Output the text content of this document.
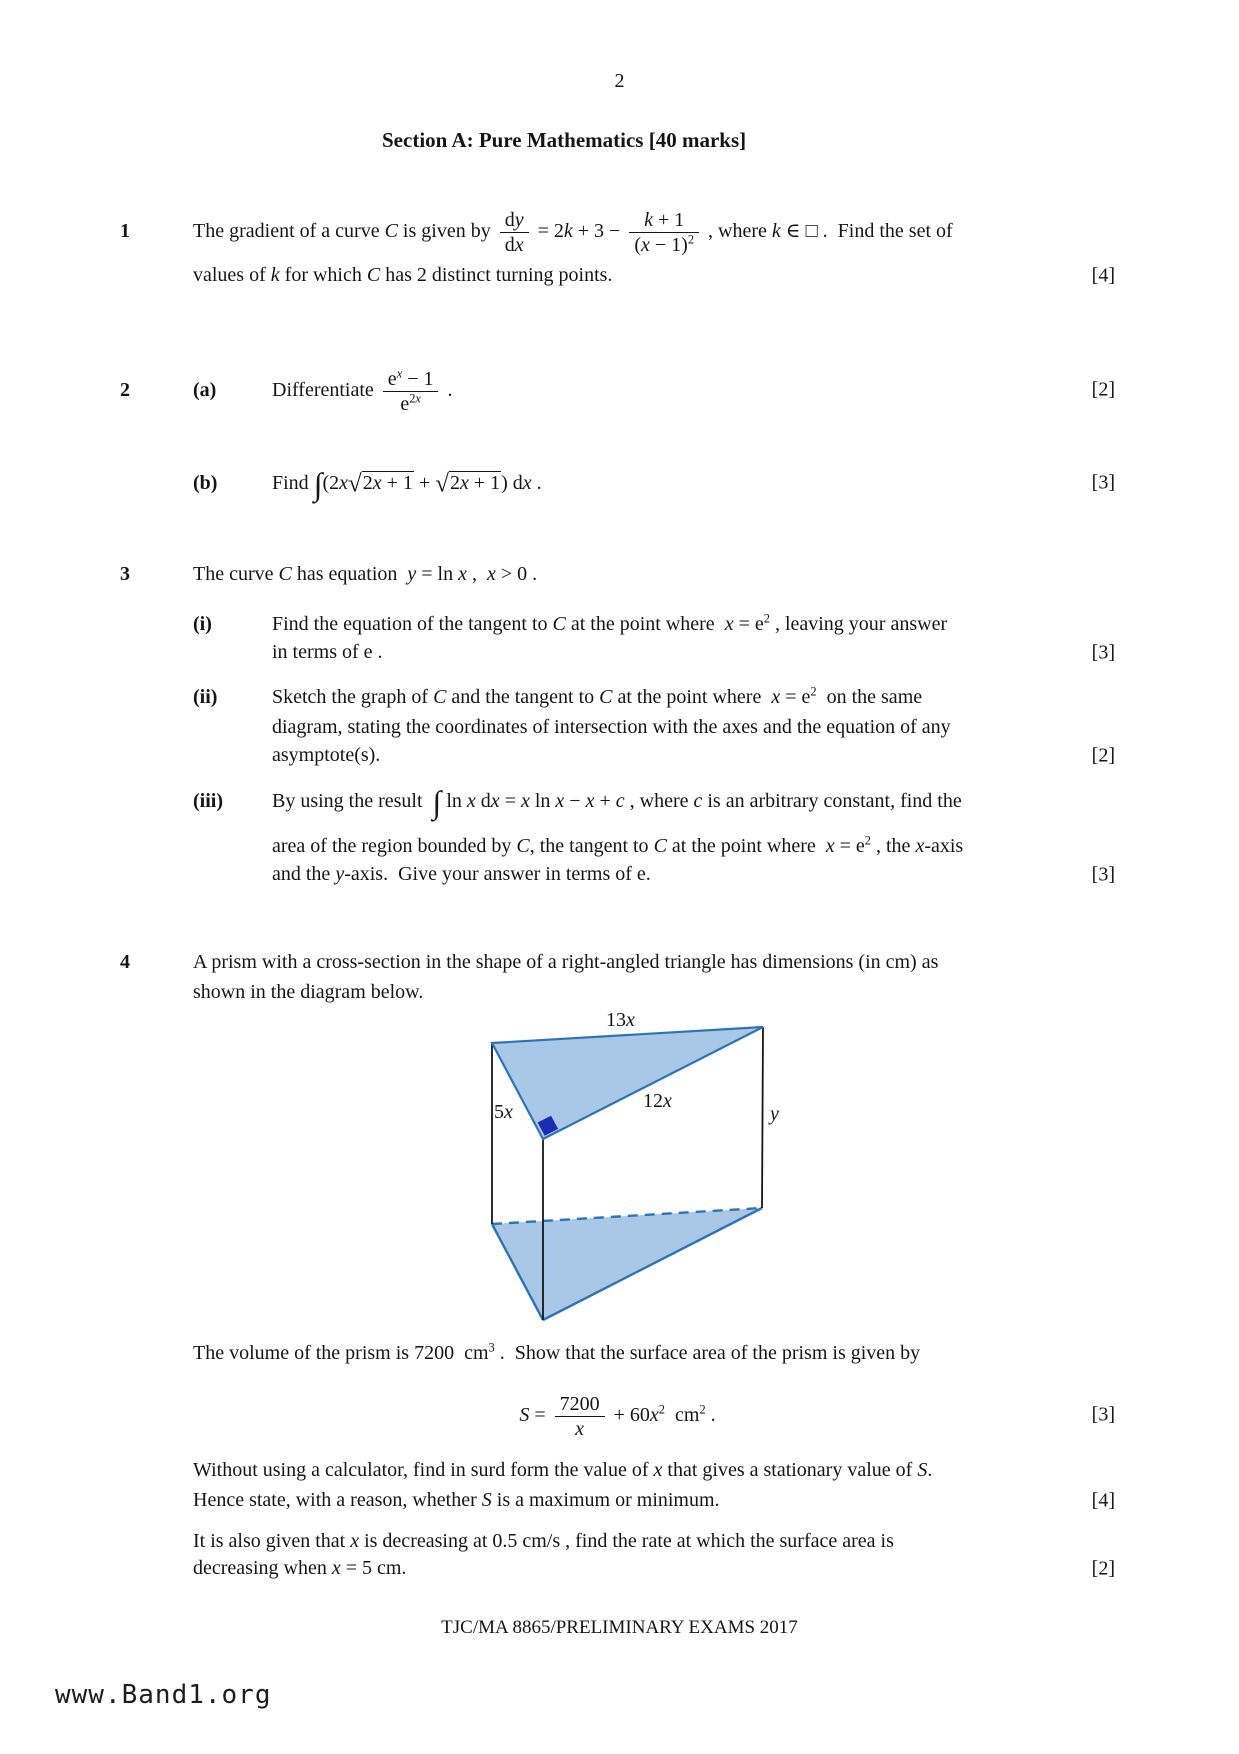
2
Section A: Pure Mathematics [40 marks]
1	The gradient of a curve C is given by $\frac{dy}{dx} = 2k + 3 - \frac{k + 1}{(x - 1)^2}$ , where k ∈ □ .  Find the set of
values of k for which C has 2 distinct turning points.	[4]
2	(a)	Differentiate $\frac{e^x - 1}{e^{2x}}$ .	[2]
(b)	Find ∫(2x√2x + 1 + √2x + 1) dx .	[3]
3	The curve C has equation  y = ln x ,  x > 0 .
(i)	Find the equation of the tangent to C at the point where  $x = e^2$ , leaving your answer
in terms of e .	[3]
(ii)	Sketch the graph of C and the tangent to C at the point where  $x = e^2$  on the same
diagram, stating the coordinates of intersection with the axes and the equation of any
asymptote(s).	[2]
(iii) By using the result  ∫ ln x dx = x ln x − x + c , where c is an arbitrary constant, find the
area of the region bounded by C, the tangent to C at the point where  $x = e^2$ , the x-axis
and the y-axis.  Give your answer in terms of e.	[3]
4	A prism with a cross-section in the shape of a right-angled triangle has dimensions (in cm) as
shown in the diagram below.
13x
5x	12x
y
The volume of the prism is 7200  $cm^3$ .  Show that the surface area of the prism is given by
$S = \frac{7200}{x} + 60x^2$  $cm^2$ .	[3]
Without using a calculator, find in surd form the value of x that gives a stationary value of S.
Hence state, with a reason, whether S is a maximum or minimum.	[4]
It is also given that x is decreasing at 0.5 cm/s , find the rate at which the surface area is
decreasing when x = 5 cm.	[2]
TJC/MA 8865/PRELIMINARY EXAMS 2017
www.Band1.org
